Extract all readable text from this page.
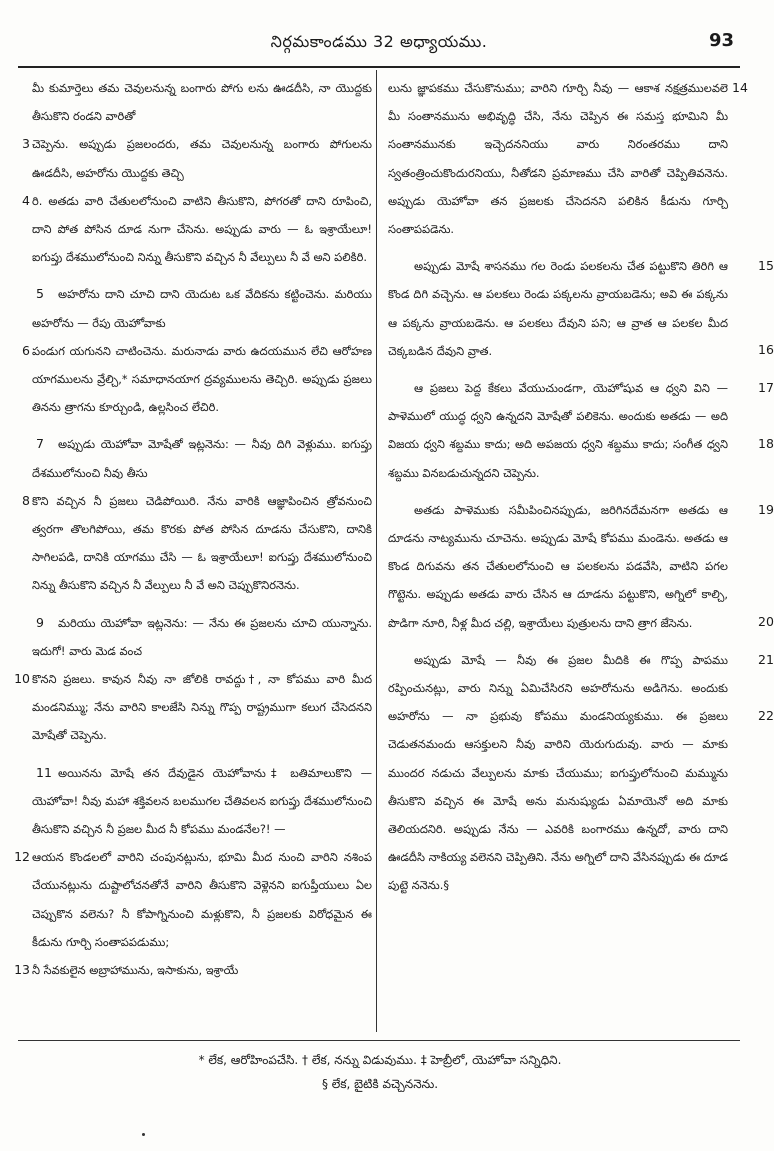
నిర్గమకాండము 32 అధ్యాయము.	93

మీ కుమార్తెలు తమ చెవులనున్న బంగారు పోగు లను ఊడదీసి, నా యొద్దకు తీసుకొని రండని వారితో

3 చెప్పెను. అప్పుడు ప్రజలందరు, తమ చెవులనున్న బంగారు పోగులను ఊడదీసి, అహరోను యొద్దకు తెచ్చి

4 రి. అతడు వారి చేతులలోనుంచి వాటిని తీసుకొని, పోగరతో దాని రూపించి, దాని పోత పోసిన దూడ నుగా చేసెను. అప్పుడు వారు — ఓ ఇశ్రాయేలూ! ఐగుప్తు దేశములోనుంచి నిన్ను తీసుకొని వచ్చిన నీ వేల్పులు నీ వే అని పలికిరి.

5 అహరోను దాని చూచి దాని యెదుట ఒక వేదికను కట్టించెను. మరియు అహరోను — రేపు యెహోవాకు

6 పండుగ యగునని చాటించెను. మరునాడు వారు ఉదయమున లేచి ఆరోహణ యాగములను వ్రేల్చి,* సమాధానయాగ ద్రవ్యములను తెచ్చిరి. అప్పుడు ప్రజలు తినను త్రాగను కూర్చుండి, ఉల్లసించ లేచిరి.

7 అప్పుడు యెహోవా మోషేతో ఇట్లనెను: — నీవు దిగి వెళ్లుము. ఐగుప్తు దేశములోనుంచి నీవు తీసు

8 కొని వచ్చిన నీ ప్రజలు చెడిపోయిరి. నేను వారికి ఆజ్ఞాపించిన త్రోవనుంచి త్వరగా తొలగిపోయి, తమ కొరకు పోత పోసిన దూడను చేసుకొని, దానికి సాగిలపడి, దానికి యాగము చేసి — ఓ ఇశ్రాయేలూ! ఐగుప్తు దేశములోనుంచి నిన్ను తీసుకొని వచ్చిన నీ వేల్పులు నీ వే అని చెప్పుకొనిరనెను.

9 మరియు యెహోవా ఇట్లనెను: — నేను ఈ ప్రజలను చూచి యున్నాను. ఇదుగో! వారు మెడ వంచ

10 కొనని ప్రజలు. కావున నీవు నా జోలికి రావద్దు†, నా కోపము వారి మీద మండనిమ్ము; నేను వారిని కాలజేసి నిన్ను గొప్ప రాష్ట్రముగా కలుగ చేసెదనని మోషేతో చెప్పెను.

11 అయినను మోషే తన దేవుడైన యెహోవాను‡ బతిమాలుకొని — యెహోవా! నీవు మహా శక్తివలన బలముగల చేతివలన ఐగుప్తు దేశములోనుంచి తీసుకొని వచ్చిన నీ ప్రజల మీద నీ కోపము మండనేల?! —

12 ఆయన కొండలలో వారిని చంపునట్లును, భూమి మీద నుంచి వారిని నశింప చేయునట్లును దుష్టాలోచనతోనే వారిని తీసుకొని వెళ్లెనని ఐగుప్తీయులు ఏల చెప్పుకొన వలెను? నీ కోపాగ్నినుంచి మళ్లుకొని, నీ ప్రజలకు విరోధమైన ఈ కీడును గూర్చి సంతాపపడుము;

13 నీ సేవకులైన అబ్రాహామును, ఇసాకును, ఇశ్రాయే

14
లును జ్ఞాపకము చేసుకొనుము; వారిని గూర్చి నీవు — ఆకాశ నక్షత్రములవలె మీ సంతానమును అభివృద్ధి చేసి, నేను చెప్పిన ఈ సమస్త భూమిని మీ సంతానమునకు ఇచ్చెదననియు వారు నిరంతరము దాని స్వతంత్రించుకొందురనియు, నీతోడని ప్రమాణము చేసి వారితో చెప్పితివనెను. అప్పుడు యెహోవా తన ప్రజలకు చేసెదనని పలికిన కీడును గూర్చి సంతాపపడెను.

15
అప్పుడు మోషే శాసనము గల రెండు పలకలను చేత పట్టుకొని తిరిగి ఆ కొండ దిగి వచ్చెను. ఆ పలకలు రెండు పక్కలను వ్రాయబడెను; అవి ఈ పక్కను ఆ పక్కను వ్రాయబడెను. ఆ పలకలు దేవుని పని; ఆ వ్రాత ఆ పలకల మీద చెక్కబడిన దేవుని వ్రాత.	16

17
ఆ ప్రజలు పెద్ద కేకలు వేయుచుండగా, యెహోషువ ఆ ధ్వని విని — పాళెములో యుద్ధ ధ్వని ఉన్నదని మోషేతో పలికెను. అందుకు అతడు — అది విజయ ధ్వని శబ్దము కాదు; అది అపజయ ధ్వని శబ్దము కాదు; సంగీత ధ్వని శబ్దము వినబడుచున్నదని చెప్పెను.
18

19
అతడు పాళెముకు సమీపించినప్పుడు, జరిగినదేమనగా అతడు ఆ దూడను నాట్యమును చూచెను. అప్పుడు మోషే కోపము మండెను. అతడు ఆ కొండ దిగువను తన చేతులలోనుంచి ఆ పలకలను పడవేసి, వాటిని పగల గొట్టెను. అప్పుడు అతడు వారు చేసిన ఆ దూడను పట్టుకొని, అగ్నిలో కాల్చి, పొడిగా నూరి, నీళ్ల మీద చల్లి, ఇశ్రాయేలు పుత్రులను దాని త్రాగ జేసెను.	20

21
అప్పుడు మోషే — నీవు ఈ ప్రజల మీదికి ఈ గొప్ప పాపము రప్పించునట్లు, వారు నిన్ను ఏమిచేసిరని అహరోనును అడిగెను. అందుకు అహరోను — నా ప్రభువు కోపము మండనియ్యకుము. ఈ ప్రజలు చెడుతనమందు ఆసక్తులని నీవు వారిని యెరుగుదువు. వారు — మాకు ముందర నడుచు వేల్పులను మాకు చేయుము; ఐగుప్తులోనుంచి మమ్మును తీసుకొని వచ్చిన ఈ మోషే అను మనుష్యుడు ఏమాయెనో అది మాకు తెలియదనిరి. అప్పుడు నేను — ఎవరికి బంగారము ఉన్నదో, వారు దాని ఊడదీసి నాకియ్య వలెనని చెప్పితిని. నేను అగ్నిలో దాని వేసినప్పుడు ఈ దూడ పుట్టె ననెను.§
22

* లేక, ఆరోహింపచేసి. † లేక, నన్ను విడువుము. ‡ హెబ్రీలో, యెహోవా సన్నిధిని.
§ లేక, బైటికి వచ్చెననెను.
